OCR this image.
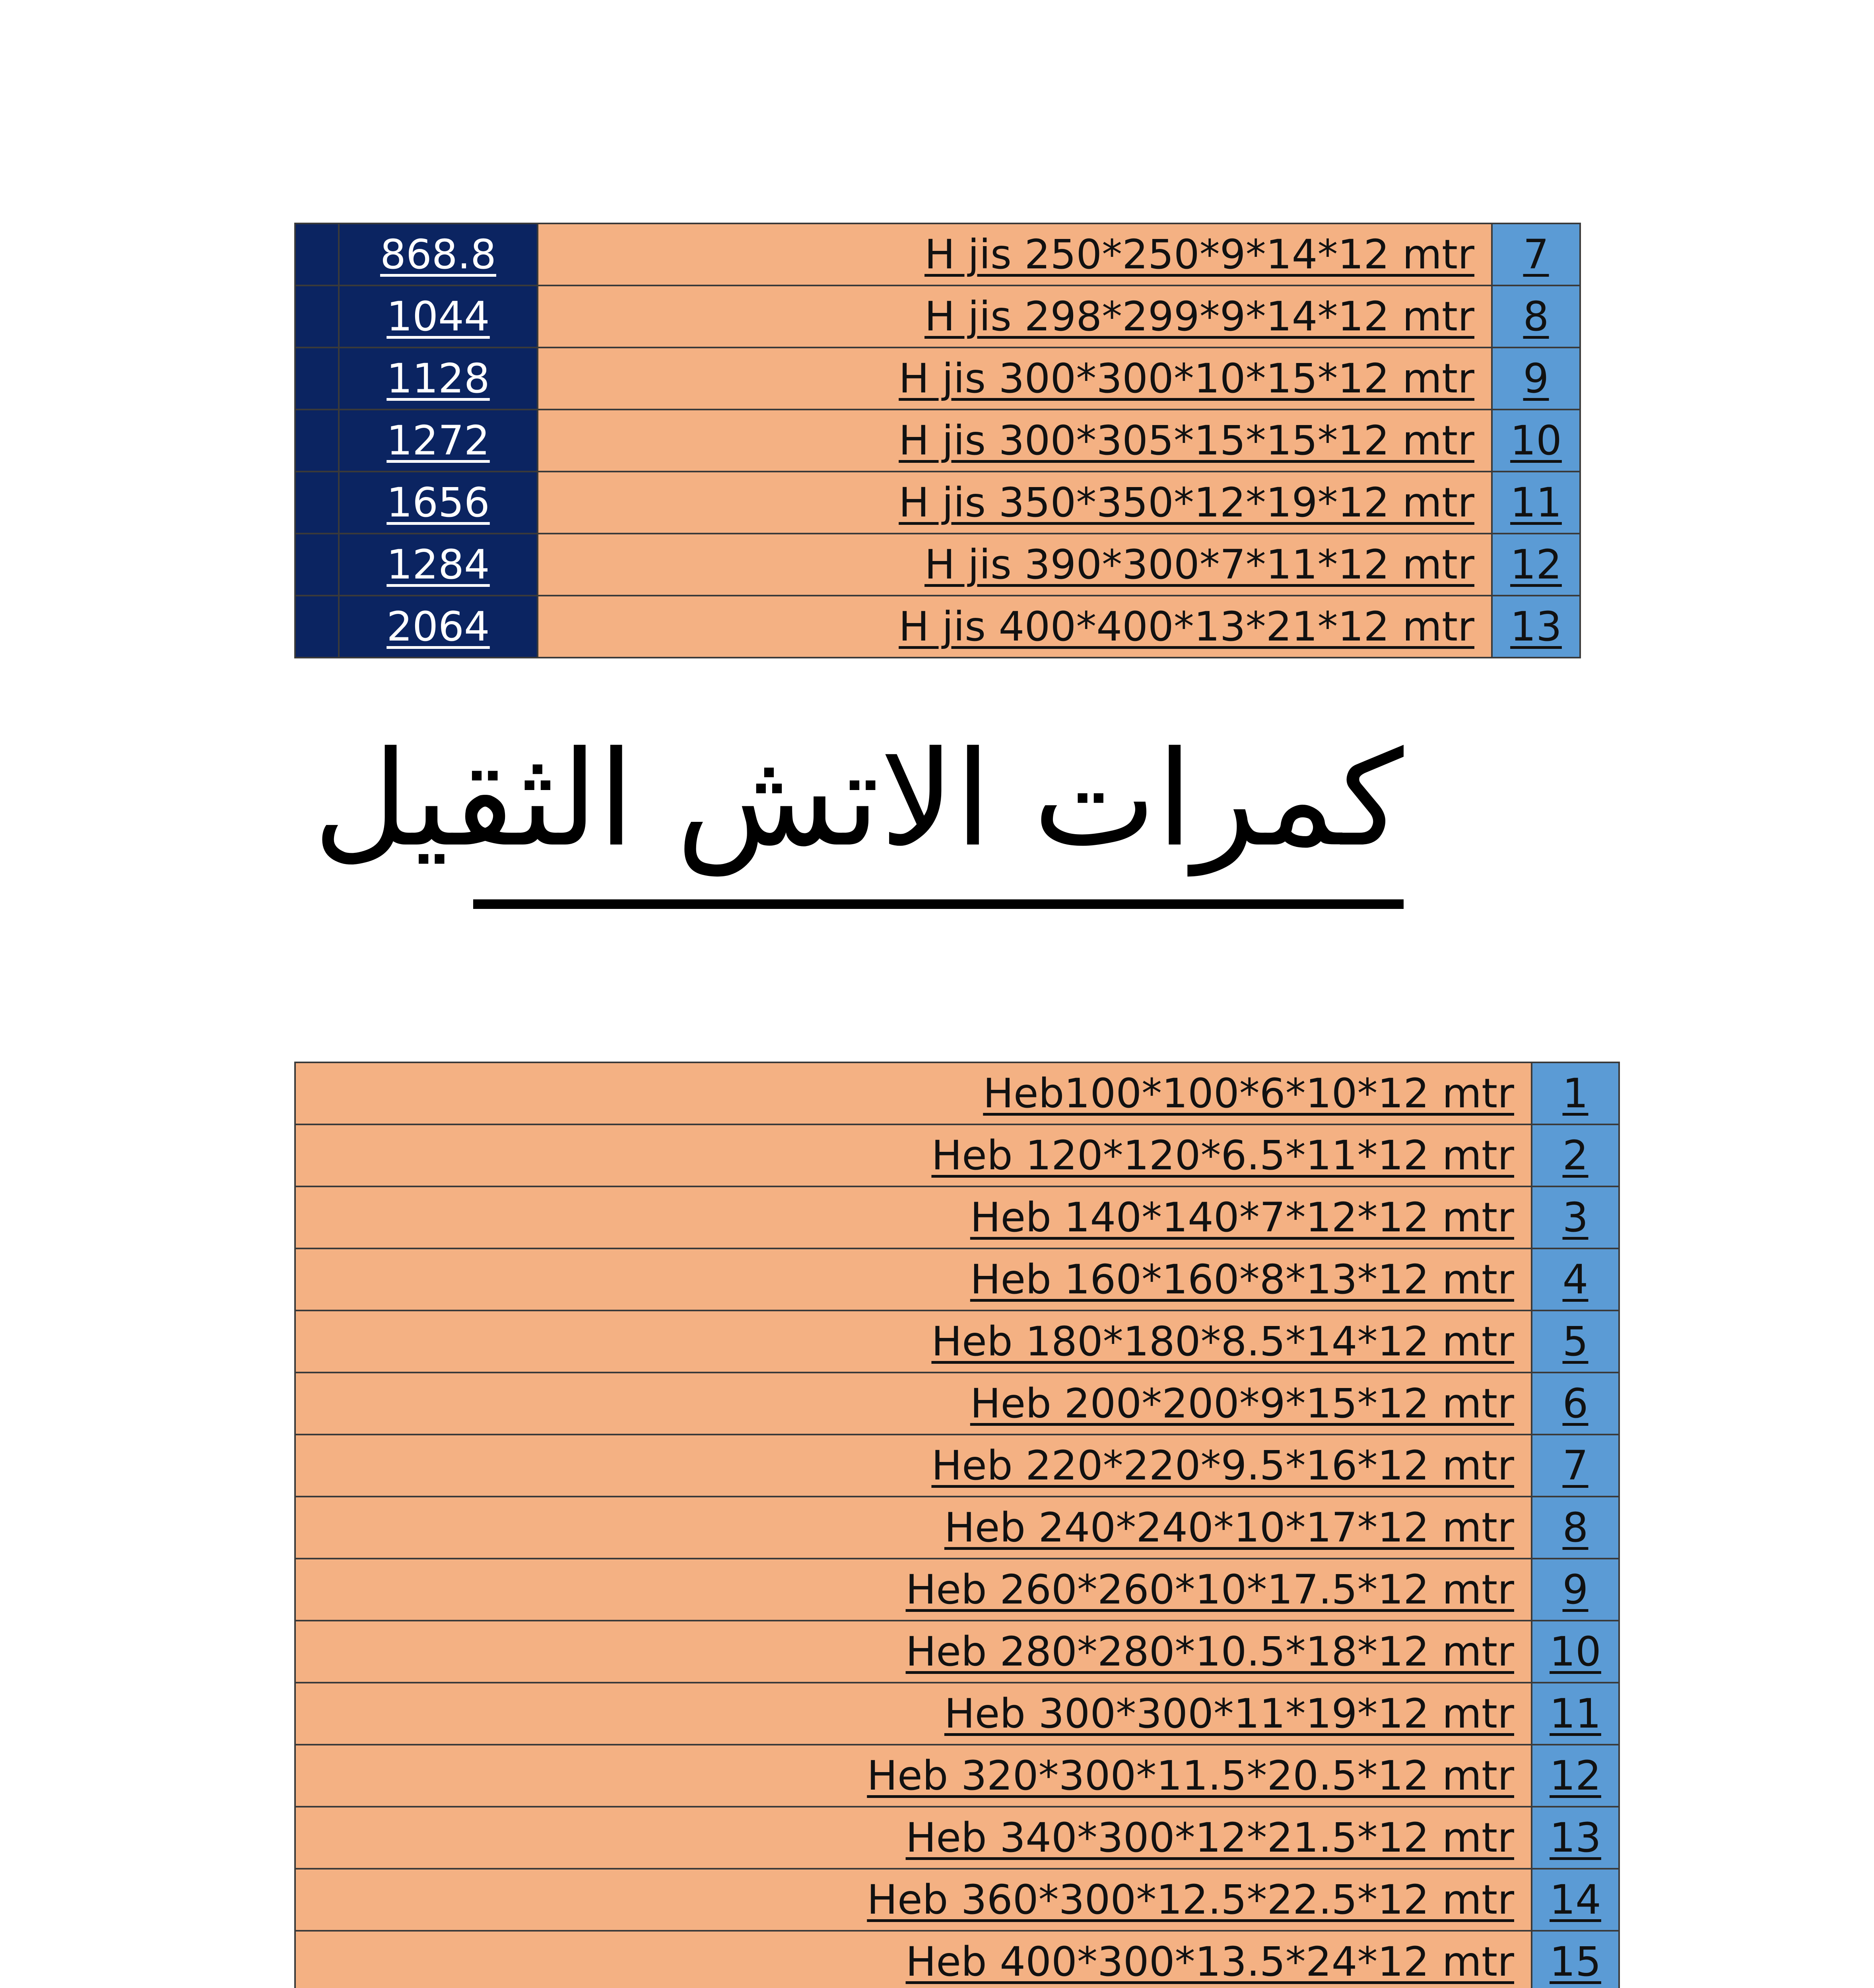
	868.8	H jis 250*250*9*14*12 mtr	7
	1044	H jis 298*299*9*14*12 mtr	8
	1128	H jis 300*300*10*15*12 mtr	9
	1272	H jis 300*305*15*15*12 mtr	10
	1656	H jis 350*350*12*19*12 mtr	11
	1284	H jis 390*300*7*11*12 mtr	12
	2064	H jis 400*400*13*21*12 mtr	13
كمرات الاتش الثقيل
Heb100*100*6*10*12 mtr	1
Heb 120*120*6.5*11*12 mtr	2
Heb 140*140*7*12*12 mtr	3
Heb 160*160*8*13*12 mtr	4
Heb 180*180*8.5*14*12 mtr	5
Heb 200*200*9*15*12 mtr	6
Heb 220*220*9.5*16*12 mtr	7
Heb 240*240*10*17*12 mtr	8
Heb 260*260*10*17.5*12 mtr	9
Heb 280*280*10.5*18*12 mtr	10
Heb 300*300*11*19*12 mtr	11
Heb 320*300*11.5*20.5*12 mtr	12
Heb 340*300*12*21.5*12 mtr	13
Heb 360*300*12.5*22.5*12 mtr	14
Heb 400*300*13.5*24*12 mtr	15
